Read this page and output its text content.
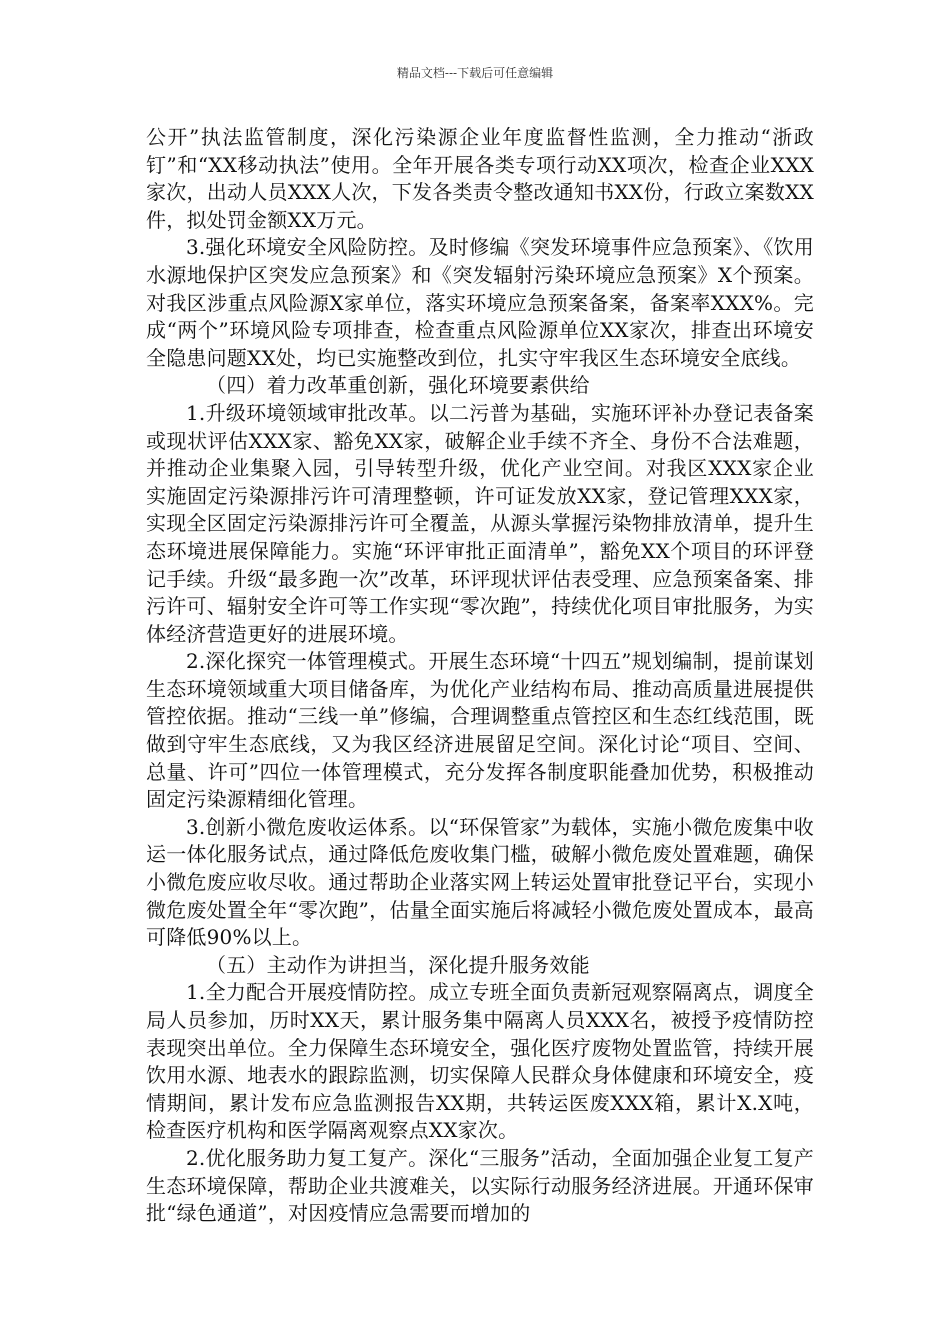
精品文档---下载后可任意编辑

公开”执法监管制度，深化污染源企业年度监督性监测，全力推动“浙政钉”和“XX移动执法”使用。全年开展各类专项行动XX项次，检查企业XXX家次，出动人员XXX人次，下发各类责令整改通知书XX份，行政立案数XX件，拟处罚金额XX万元。

3.强化环境安全风险防控。及时修编《突发环境事件应急预案》、《饮用水源地保护区突发应急预案》和《突发辐射污染环境应急预案》X个预案。对我区涉重点风险源X家单位，落实环境应急预案备案，备案率XXX%。完成“两个”环境风险专项排查，检查重点风险源单位XX家次，排查出环境安全隐患问题XX处，均已实施整改到位，扎实守牢我区生态环境安全底线。

（四）着力改革重创新，强化环境要素供给

1.升级环境领域审批改革。以二污普为基础，实施环评补办登记表备案或现状评估XXX家、豁免XX家，破解企业手续不齐全、身份不合法难题，并推动企业集聚入园，引导转型升级，优化产业空间。对我区XXX家企业实施固定污染源排污许可清理整顿，许可证发放XX家，登记管理XXX家，实现全区固定污染源排污许可全覆盖，从源头掌握污染物排放清单，提升生态环境进展保障能力。实施“环评审批正面清单”，豁免XX个项目的环评登记手续。升级“最多跑一次”改革，环评现状评估表受理、应急预案备案、排污许可、辐射安全许可等工作实现“零次跑”，持续优化项目审批服务，为实体经济营造更好的进展环境。

2.深化探究一体管理模式。开展生态环境“十四五”规划编制，提前谋划生态环境领域重大项目储备库，为优化产业结构布局、推动高质量进展提供管控依据。推动“三线一单”修编，合理调整重点管控区和生态红线范围，既做到守牢生态底线，又为我区经济进展留足空间。深化讨论“项目、空间、总量、许可”四位一体管理模式，充分发挥各制度职能叠加优势，积极推动固定污染源精细化管理。

3.创新小微危废收运体系。以“环保管家”为载体，实施小微危废集中收运一体化服务试点，通过降低危废收集门槛，破解小微危废处置难题，确保小微危废应收尽收。通过帮助企业落实网上转运处置审批登记平台，实现小微危废处置全年“零次跑”，估量全面实施后将减轻小微危废处置成本，最高可降低90%以上。

（五）主动作为讲担当，深化提升服务效能

1.全力配合开展疫情防控。成立专班全面负责新冠观察隔离点，调度全局人员参加，历时XX天，累计服务集中隔离人员XXX名，被授予疫情防控表现突出单位。全力保障生态环境安全，强化医疗废物处置监管，持续开展饮用水源、地表水的跟踪监测，切实保障人民群众身体健康和环境安全，疫情期间，累计发布应急监测报告XX期，共转运医废XXX箱，累计X.X吨，检查医疗机构和医学隔离观察点XX家次。

2.优化服务助力复工复产。深化“三服务”活动，全面加强企业复工复产生态环境保障，帮助企业共渡难关，以实际行动服务经济进展。开通环保审批“绿色通道”，对因疫情应急需要而增加的
